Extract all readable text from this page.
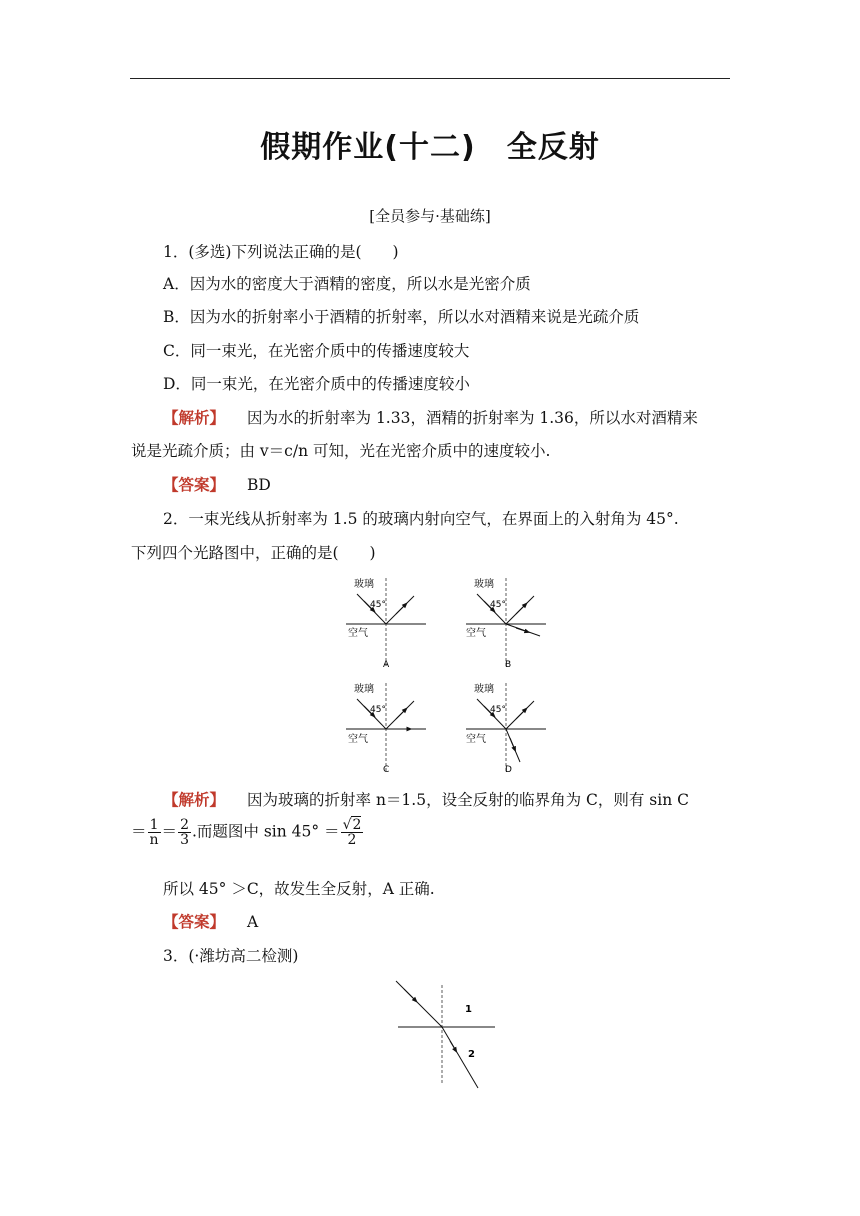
假期作业(十二)　全反射
[全员参与·基础练]
1．(多选)下列说法正确的是(　　)
A．因为水的密度大于酒精的密度，所以水是光密介质
B．因为水的折射率小于酒精的折射率，所以水对酒精来说是光疏介质
C．同一束光，在光密介质中的传播速度较大
D．同一束光，在光密介质中的传播速度较小
【解析】 因为水的折射率为 1.33，酒精的折射率为 1.36，所以水对酒精来
说是光疏介质；由 v＝c/n 可知，光在光密介质中的速度较小.
【答案】 BD
2．一束光线从折射率为 1.5 的玻璃内射向空气，在界面上的入射角为 45°.
下列四个光路图中，正确的是(　　)
玻璃
45°
空气
A
玻璃
45°
空气
B
玻璃
45°
空气
C
玻璃
45°
空气
D
【解析】 因为玻璃的折射率 n＝1.5，设全反射的临界角为 C，则有 sin C
＝ $\frac{1}{n} = \frac{2}{3}$ .而题图中 $\sin 45^\circ = \frac{√2}{2}$
所以 45° ＞C，故发生全反射，A 正确.
【答案】 A
3．(·潍坊高二检测)
1
2
